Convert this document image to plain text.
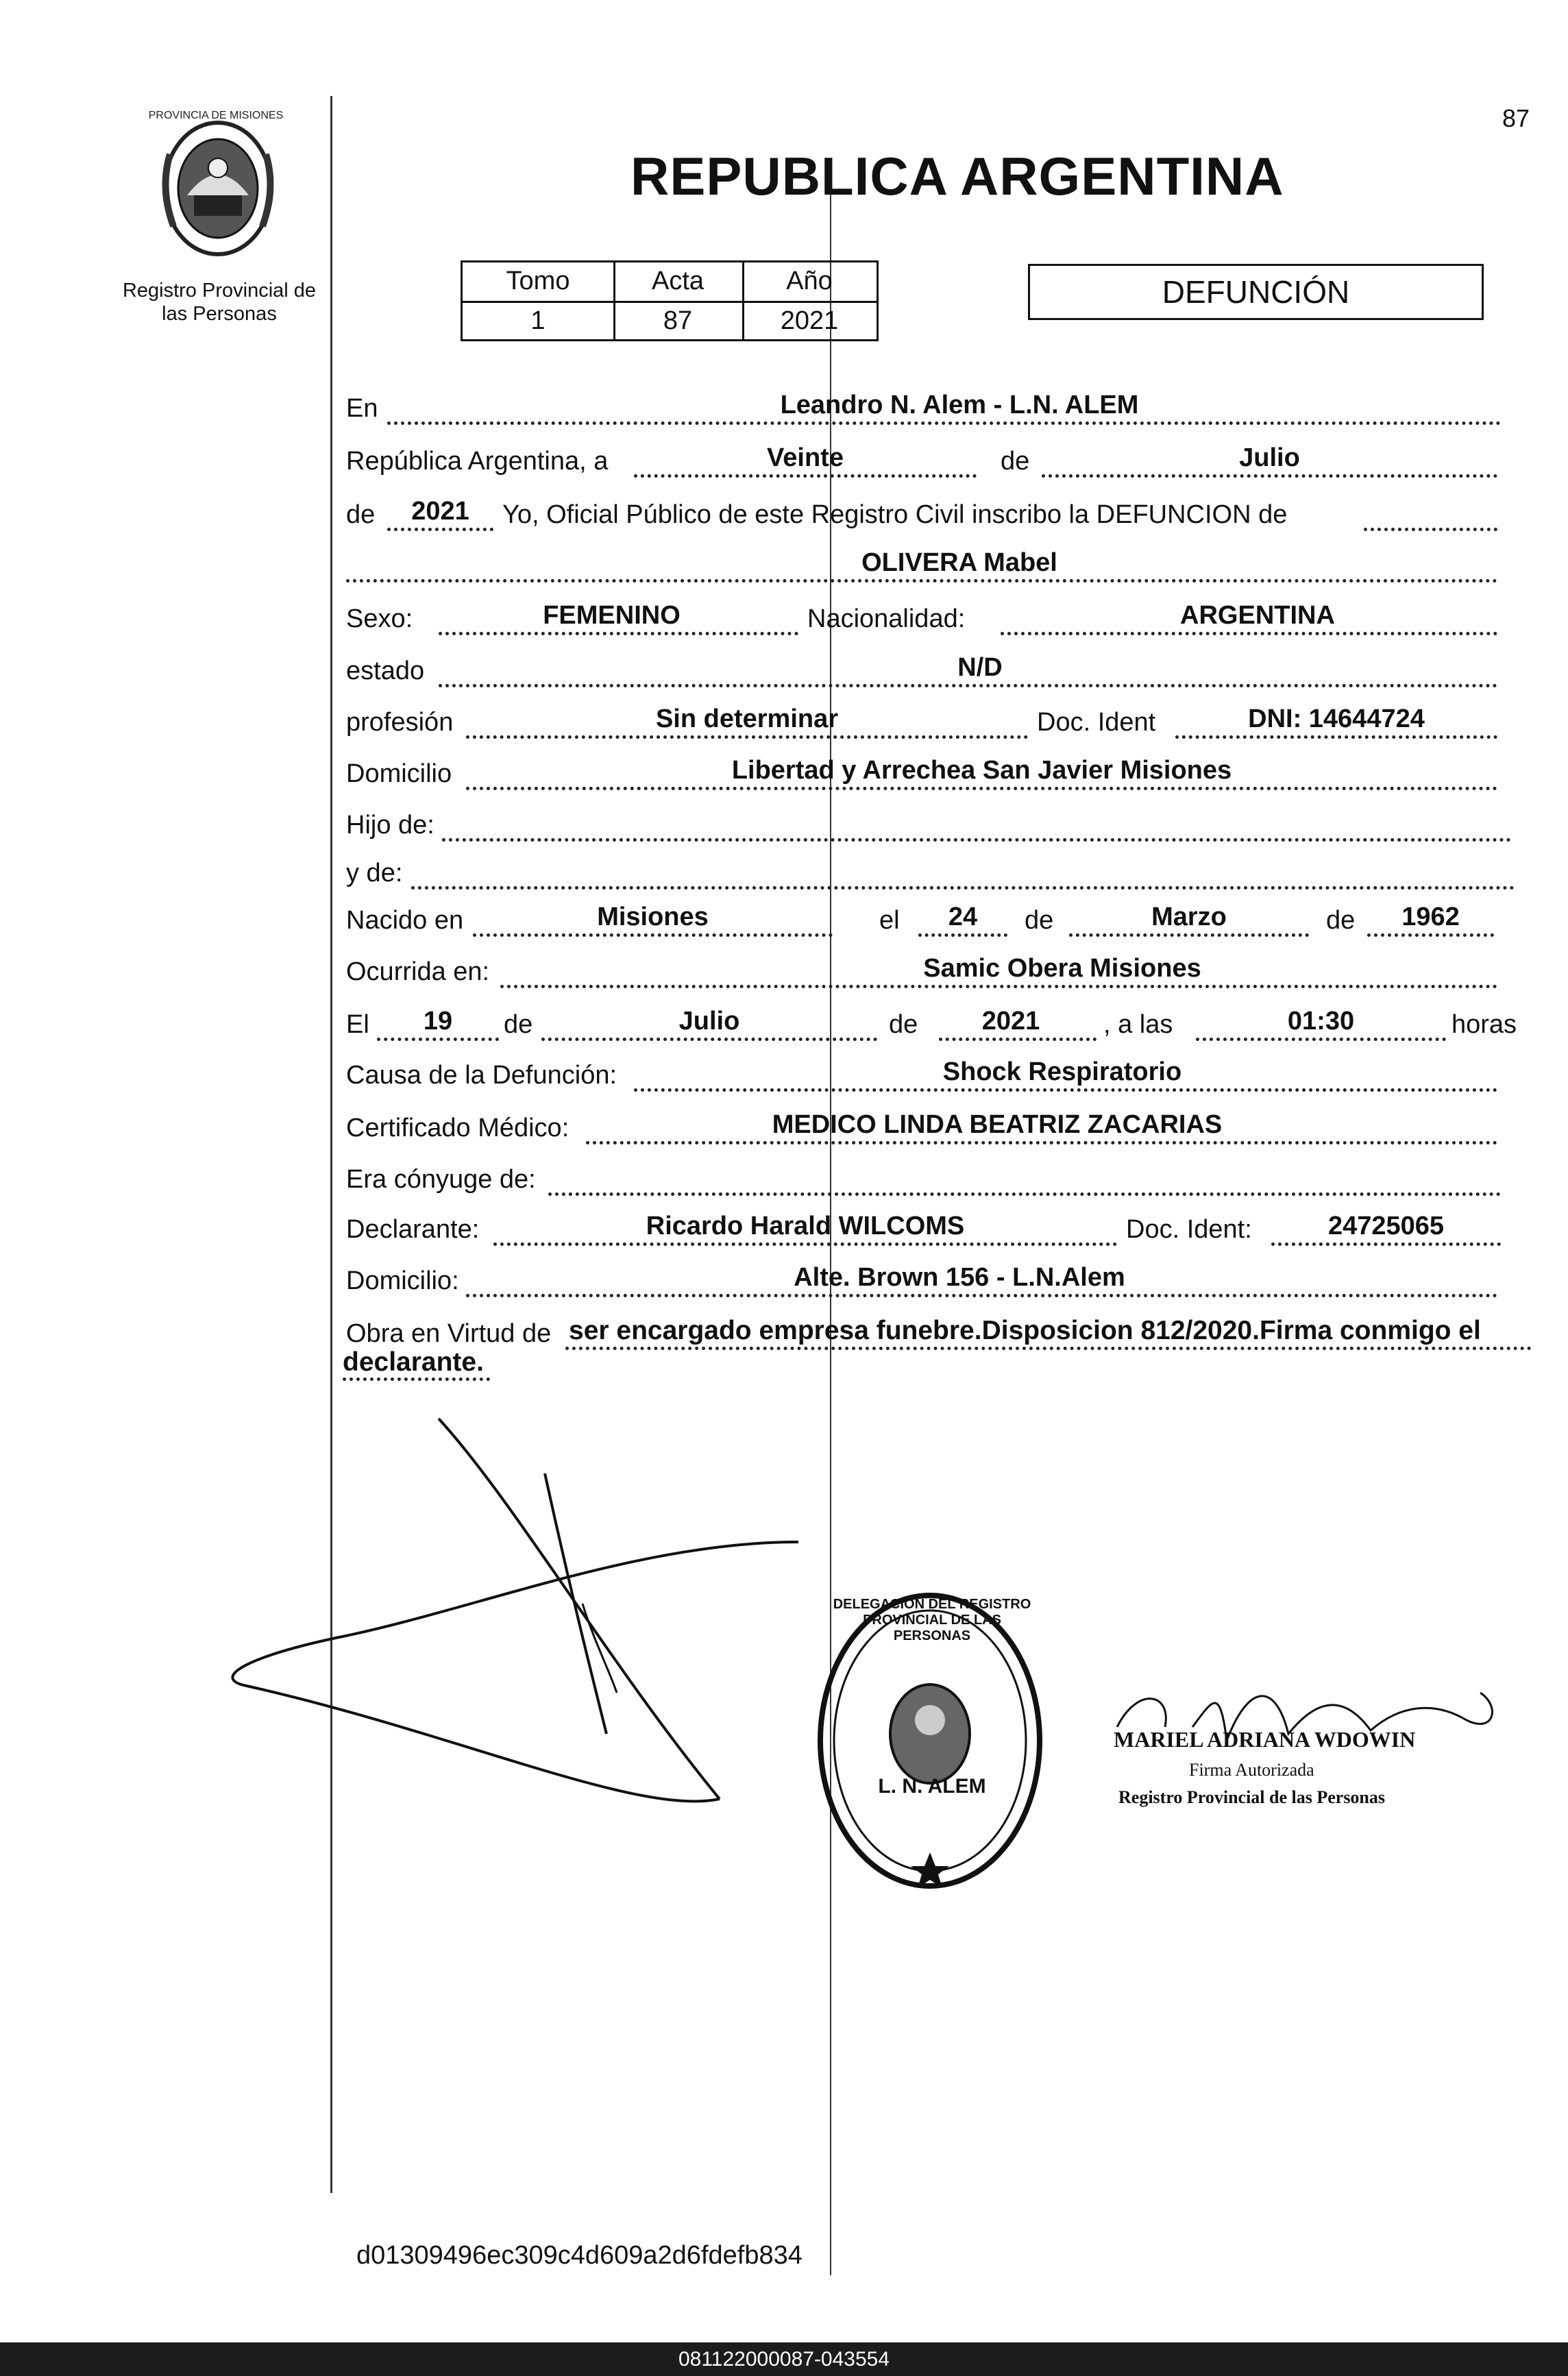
87
PROVINCIA DE MISIONES
Registro Provincial de
las Personas
REPUBLICA ARGENTINA
Tomo	Acta	Año
1	87	2021
DEFUNCIÓN
En	Leandro N. Alem - L.N. ALEM
República Argentina, a	Veinte	de	Julio
de	2021	Yo, Oficial Público de este Registro Civil inscribo la DEFUNCION de
OLIVERA Mabel
Sexo:	FEMENINO	Nacionalidad:	ARGENTINA
estado	N/D
profesión	Sin determinar	Doc. Ident	DNI: 14644724
Domicilio	Libertad y Arrechea San Javier Misiones
Hijo de:
y de:
Nacido en	Misiones	el	24	de	Marzo	de	1962
Ocurrida en:	Samic Obera Misiones
El	19	de	Julio	de	2021	, a las	01:30	horas
Causa de la Defunción:	Shock Respiratorio
Certificado Médico:	MEDICO LINDA BEATRIZ ZACARIAS
Era cónyuge de:
Declarante:	Ricardo Harald WILCOMS	Doc. Ident:	24725065
Domicilio:	Alte. Brown 156 - L.N.Alem
Obra en Virtud de ser encargado empresa funebre.Disposicion 812/2020.Firma conmigo el
declarante.
DELEGACION DEL REGISTRO PROVINCIAL DE LAS PERSONAS
L. N. ALEM
MARIEL ADRIANA WDOWIN
Firma Autorizada
Registro Provincial de las Personas
d01309496ec309c4d609a2d6fdefb834
081122000087-043554
